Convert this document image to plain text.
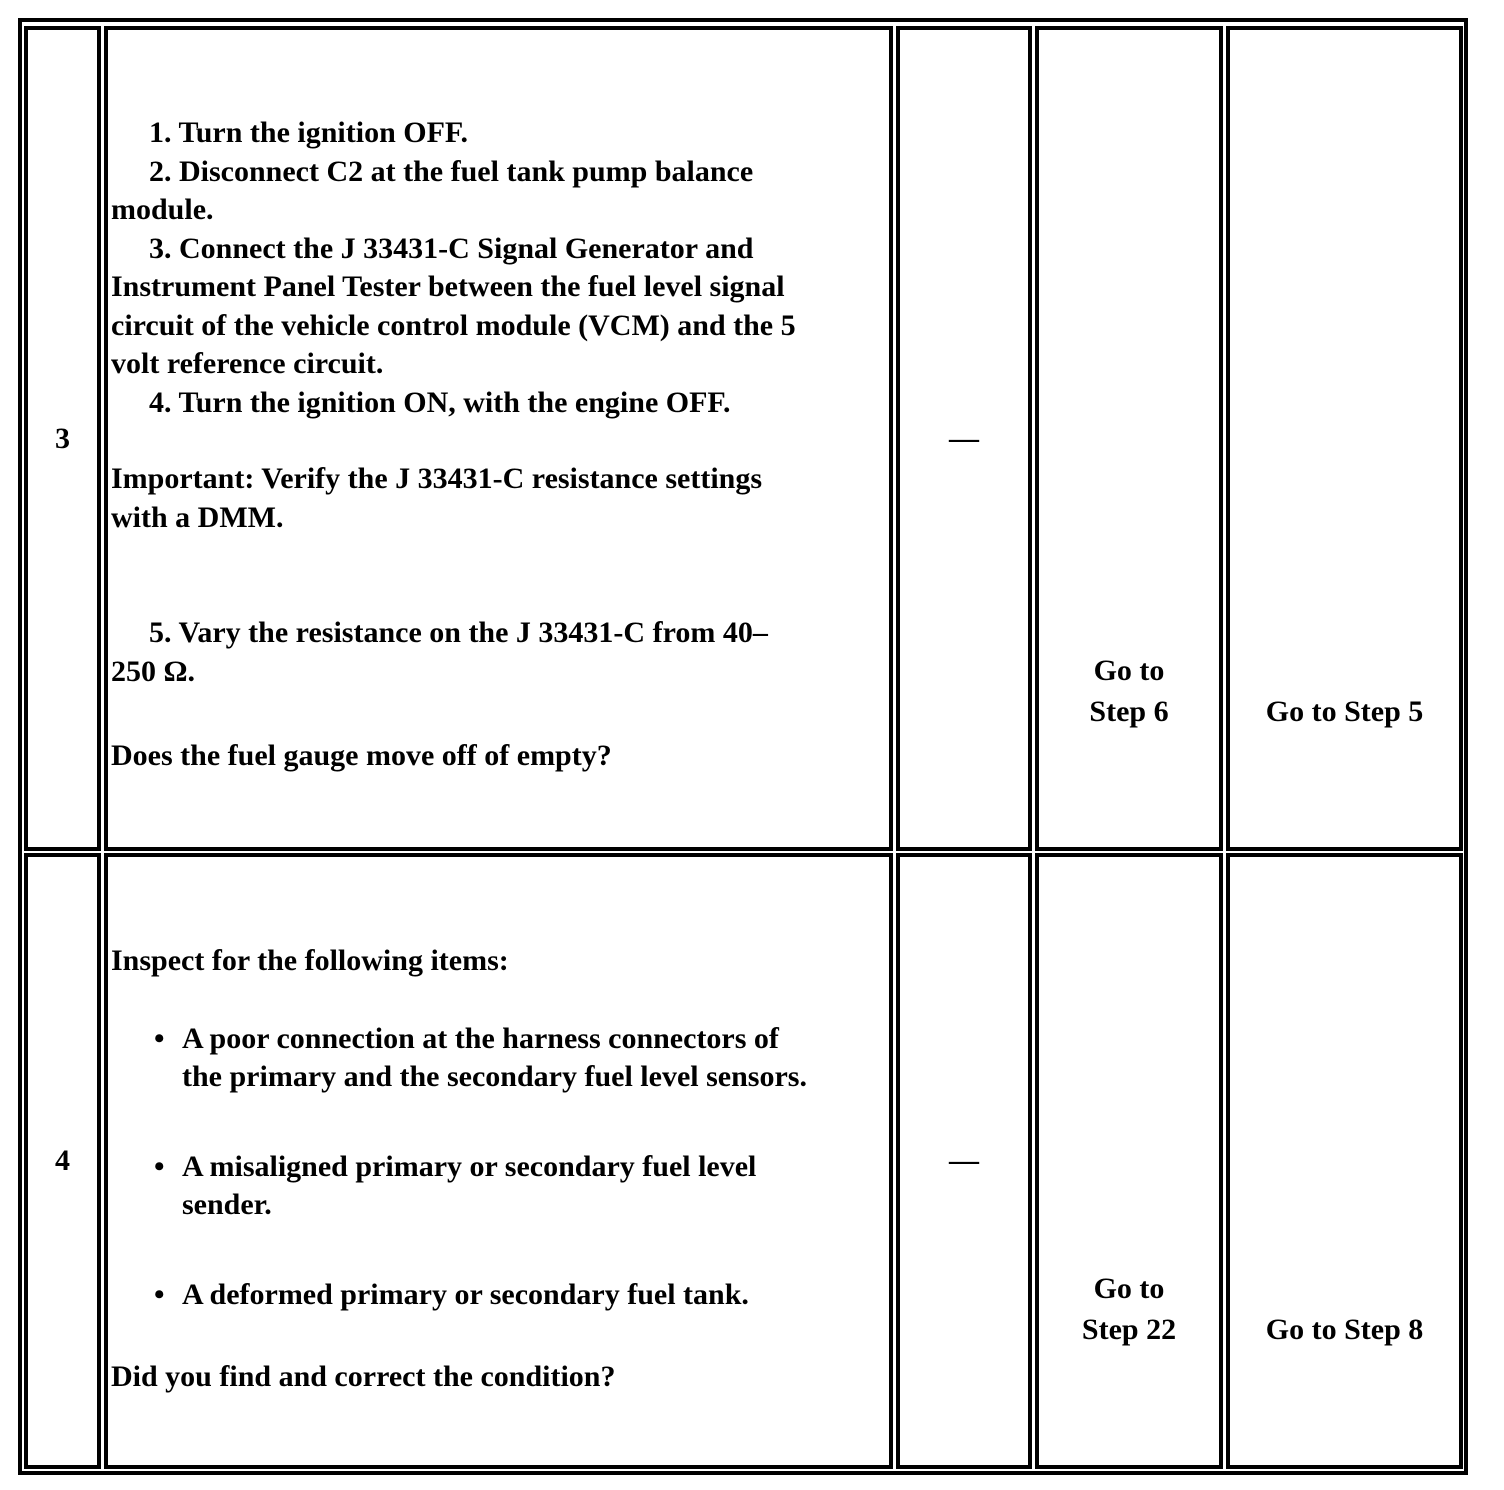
3

1. Turn the ignition OFF.

2. Disconnect C2 at the fuel tank pump balance

module.

3. Connect the J 33431-C Signal Generator and

Instrument Panel Tester between the fuel level signal

circuit of the vehicle control module (VCM) and the 5

volt reference circuit.

4. Turn the ignition ON, with the engine OFF.

Important: Verify the J 33431-C resistance settings

with a DMM.

5. Vary the resistance on the J 33431-C from 40–

250 Ω.

Does the fuel gauge move off of empty?

—
Go to
Step 6	Go to Step 5
4

Inspect for the following items:

• A poor connection at the harness connectors of
the primary and the secondary fuel level sensors.
• A misaligned primary or secondary fuel level
sender.
• A deformed primary or secondary fuel tank.

Did you find and correct the condition?

—
Go to
Step 22	Go to Step 8
